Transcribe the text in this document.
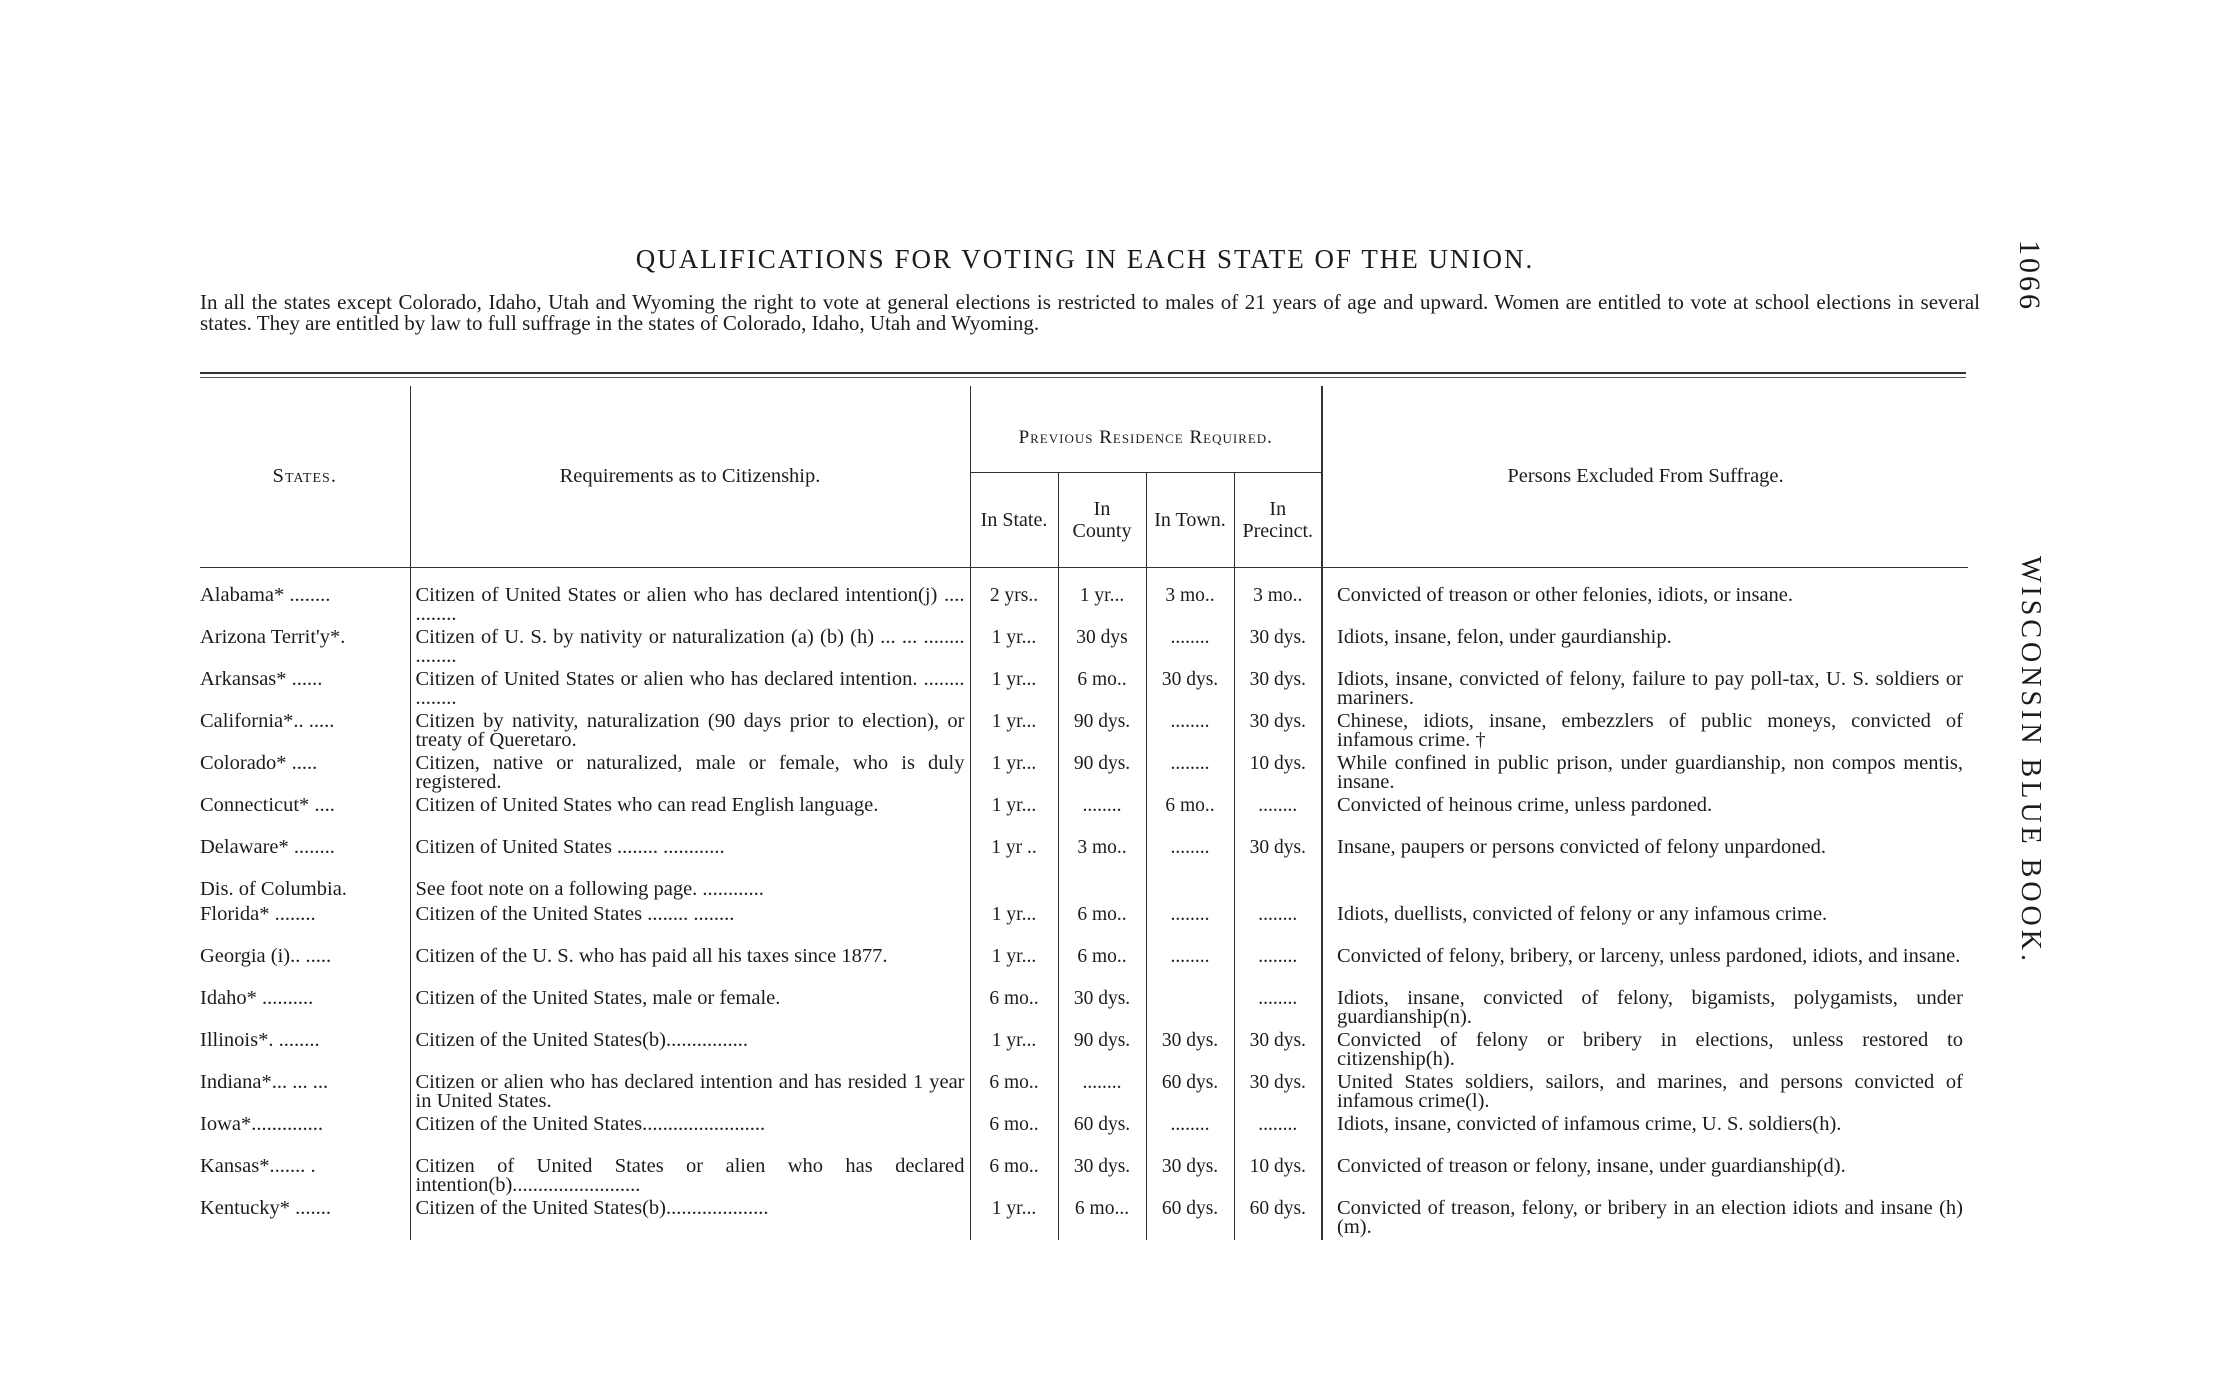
QUALIFICATIONS FOR VOTING IN EACH STATE OF THE UNION.
In all the states except Colorado, Idaho, Utah and Wyoming the right to vote at general elections is restricted to males of 21 years of age and upward. Women are entitled to vote at school elections in several states. They are entitled by law to full suffrage in the states of Colorado, Idaho, Utah and Wyoming.
1066
WISCONSIN BLUE BOOK.
States.	Requirements as to Citizenship.	Previous Residence Required.				Persons Excluded From Suffrage.
		In State.	In County	In Town.	In Precinct.	
Alabama* ........	Citizen of United States or alien who has declared intention(j) .... ........	2 yrs..	1 yr...	3 mo..	3 mo..	Convicted of treason or other felonies, idiots, or insane.
Arizona Territ'y*.	Citizen of U. S. by nativity or naturalization (a) (b) (h) ... ... ........ ........	1 yr...	30 dys	........	30 dys.	Idiots, insane, felon, under gaurdianship.
Arkansas* ......	Citizen of United States or alien who has declared intention. ........ ........	1 yr...	6 mo..	30 dys.	30 dys.	Idiots, insane, convicted of felony, failure to pay poll-tax, U. S. soldiers or mariners.
California*.. .....	Citizen by nativity, naturalization (90 days prior to election), or treaty of Queretaro.	1 yr...	90 dys.	........	30 dys.	Chinese, idiots, insane, embezzlers of public moneys, convicted of infamous crime. †
Colorado* .....	Citizen, native or naturalized, male or female, who is duly registered.	1 yr...	90 dys.	........	10 dys.	While confined in public prison, under guardianship, non compos mentis, insane.
Connecticut* ....	Citizen of United States who can read English language.	1 yr...	........	6 mo..	........	Convicted of heinous crime, unless pardoned.
Delaware* ........	Citizen of United States ........ ............	1 yr ..	3 mo..	........	30 dys.	Insane, paupers or persons convicted of felony unpardoned.
Dis. of Columbia.	See foot note on a following page. ............					
Florida* ........	Citizen of the United States ........ ........	1 yr...	6 mo..	........	........	Idiots, duellists, convicted of felony or any infamous crime.
Georgia (i).. .....	Citizen of the U. S. who has paid all his taxes since 1877.	1 yr...	6 mo..	........	........	Convicted of felony, bribery, or larceny, unless pardoned, idiots, and insane.
Idaho* ..........	Citizen of the United States, male or female.	6 mo..	30 dys.		........	Idiots, insane, convicted of felony, bigamists, polygamists, under guardianship(n).
Illinois*. ........	Citizen of the United States(b)................	1 yr...	90 dys.	30 dys.	30 dys.	Convicted of felony or bribery in elections, unless restored to citizenship(h).
Indiana*... ... ...	Citizen or alien who has declared intention and has resided 1 year in United States.	6 mo..	........	60 dys.	30 dys.	United States soldiers, sailors, and marines, and persons convicted of infamous crime(l).
Iowa*..............	Citizen of the United States........................	6 mo..	60 dys.	........	........	Idiots, insane, convicted of infamous crime, U. S. soldiers(h).
Kansas*....... .	Citizen of United States or alien who has declared intention(b).........................	6 mo..	30 dys.	30 dys.	10 dys.	Convicted of treason or felony, insane, under guardianship(d).
Kentucky* .......	Citizen of the United States(b)....................	1 yr...	6 mo...	60 dys.	60 dys.	Convicted of treason, felony, or bribery in an election idiots and insane (h) (m).
